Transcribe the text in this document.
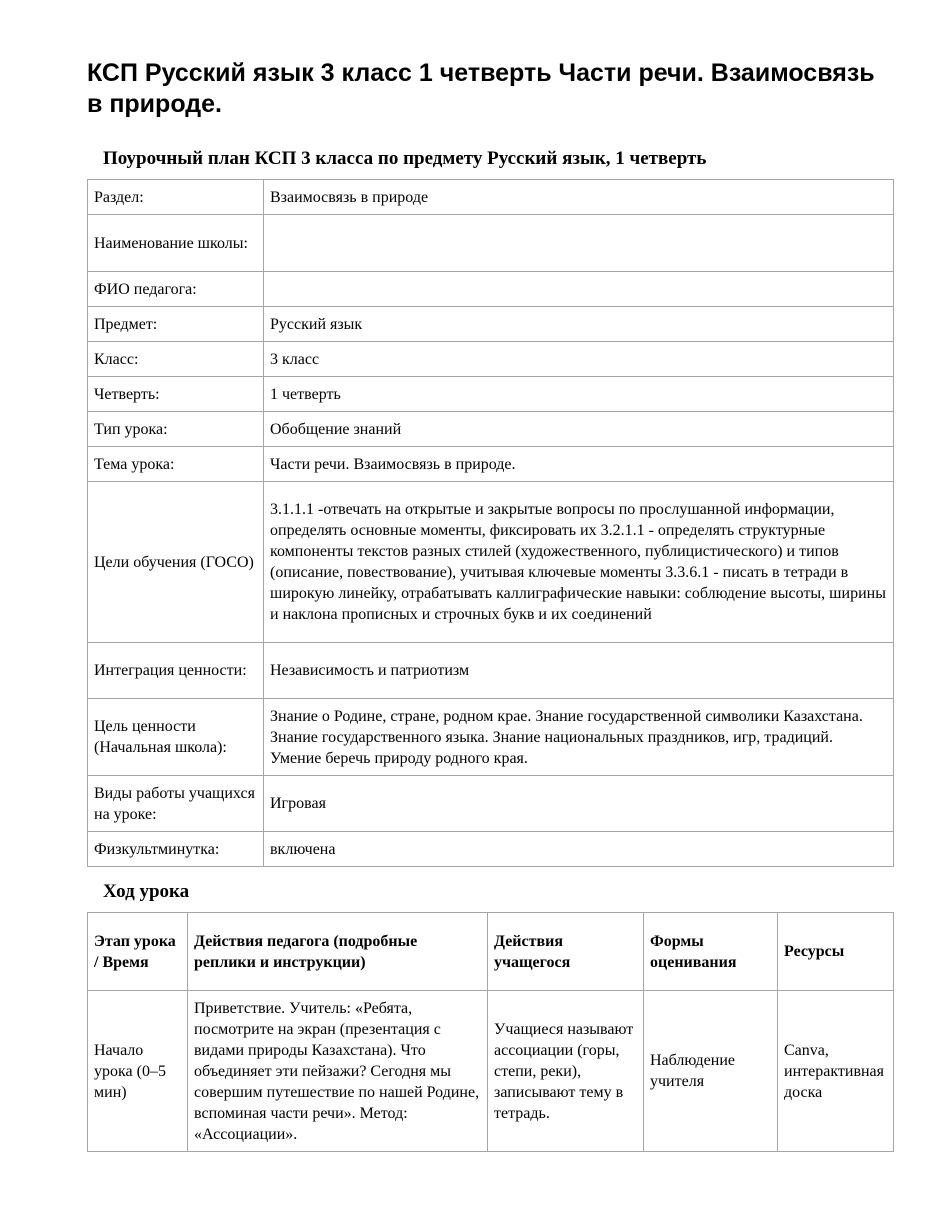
КСП Русский язык 3 класс 1 четверть Части речи. Взаимосвязь в природе.
Поурочный план КСП 3 класса по предмету Русский язык, 1 четверть
Раздел:	Взаимосвязь в природе
Наименование школы:	
ФИО педагога:	
Предмет:	Русский язык
Класс:	3 класс
Четверть:	1 четверть
Тип урока:	Обобщение знаний
Тема урока:	Части речи. Взаимосвязь в природе.
Цели обучения (ГОСО)	3.1.1.1 -отвечать на открытые и закрытые вопросы по прослушанной информации, определять основные моменты, фиксировать их 3.2.1.1 - определять структурные компоненты текстов разных стилей (художественного, публицистического) и типов (описание, повествование), учитывая ключевые моменты 3.3.6.1 - писать в тетради в широкую линейку, отрабатывать каллиграфические навыки: соблюдение высоты, ширины и наклона прописных и строчных букв и их соединений
Интеграция ценности:	Независимость и патриотизм
Цель ценности (Начальная школа):	Знание о Родине, стране, родном крае. Знание государственной символики Казахстана. Знание государственного языка. Знание национальных праздников, игр, традиций. Умение беречь природу родного края.
Виды работы учащихся на уроке:	Игровая
Физкультминутка:	включена
Ход урока
Этап урока / Время	Действия педагога (подробные реплики и инструкции)	Действия учащегося	Формы оценивания	Ресурсы
Начало урока (0–5 мин)	Приветствие. Учитель: «Ребята, посмотрите на экран (презентация с видами природы Казахстана). Что объединяет эти пейзажи? Сегодня мы совершим путешествие по нашей Родине, вспоминая части речи». Метод: «Ассоциации».	Учащиеся называют ассоциации (горы, степи, реки), записывают тему в тетрадь.	Наблюдение учителя	Canva, интерактивная доска
